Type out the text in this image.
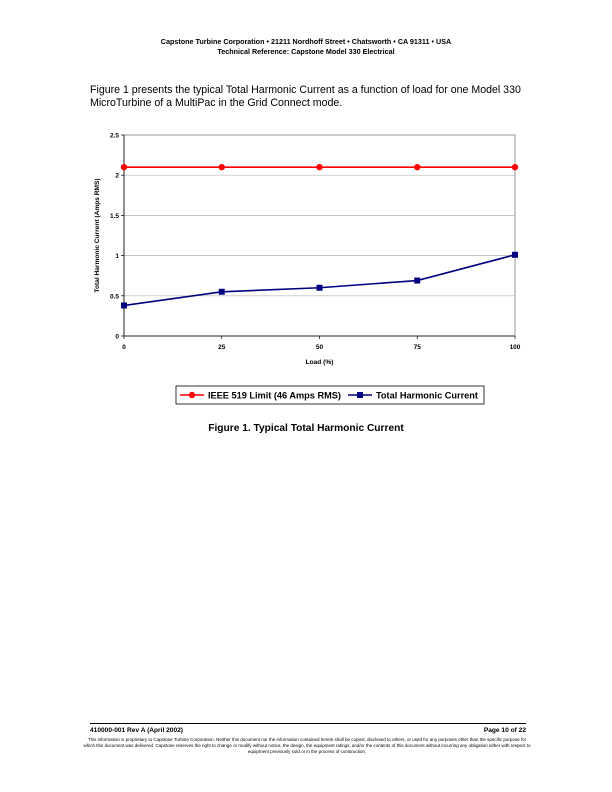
Capstone Turbine Corporation • 21211 Nordhoff Street • Chatsworth • CA 91311 • USA
Technical Reference: Capstone Model 330 Electrical
Figure 1 presents the typical Total Harmonic Current as a function of load for one Model 330 MicroTurbine of a MultiPac in the Grid Connect mode.
0
0.5
1
1.5
2
2.5
0	25	50	75	100
Load (%)
Total Harmonic Current (Amps RMS)
IEEE 519 Limit (46 Amps RMS)	Total Harmonic Current
Figure 1. Typical Total Harmonic Current
410000-001 Rev A (April 2002)	Page 10 of 22
This information is proprietary to Capstone Turbine Corporation. Neither this document nor the information contained herein shall be copied, disclosed to others, or used for any purposes other than the specific purpose for which this document was delivered. Capstone reserves the right to change or modify without notice, the design, the equipment ratings, and/or the contents of this document without incurring any obligation either with respect to equipment previously sold or in the process of construction.
